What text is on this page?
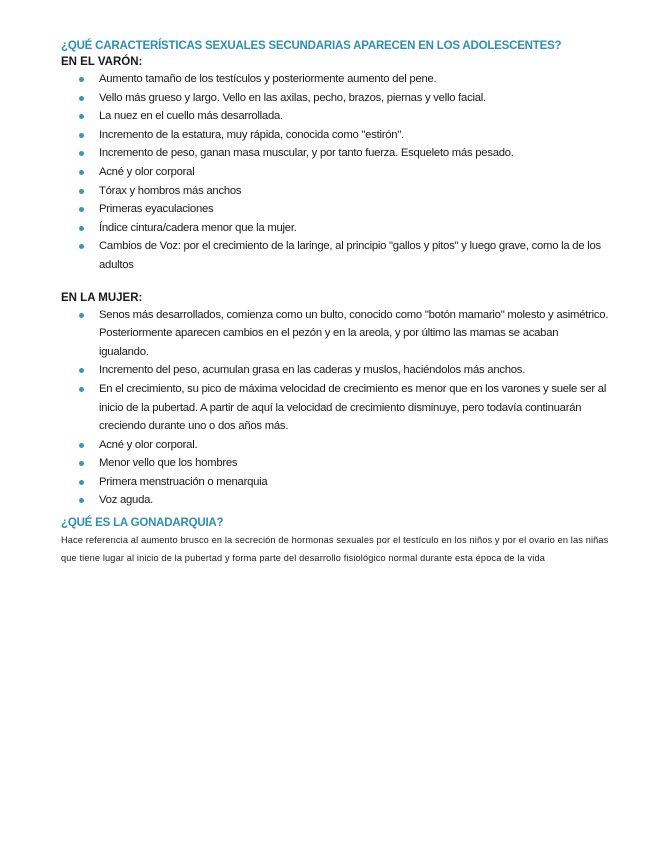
¿QUÉ CARACTERÍSTICAS SEXUALES SECUNDARIAS APARECEN EN LOS ADOLESCENTES?
EN EL VARÓN:
Aumento tamaño de los testículos y posteriormente aumento del pene.
Vello más grueso y largo. Vello en las axilas, pecho, brazos, piernas y vello facial.
La nuez en el cuello más desarrollada.
Incremento de la estatura, muy rápida, conocida como "estirón".
Incremento de peso, ganan masa muscular, y por tanto fuerza. Esqueleto más pesado.
Acné y olor corporal
Tórax y hombros más anchos
Primeras eyaculaciones
Índice cintura/cadera menor que la mujer.
Cambios de Voz: por el crecimiento de la laringe, al principio "gallos y pitos" y luego grave, como la de los adultos
EN LA MUJER:
Senos más desarrollados, comienza como un bulto, conocido como "botón mamario" molesto y asimétrico. Posteriormente aparecen cambios en el pezón y en la areola, y por último las mamas se acaban igualando.
Incremento del peso, acumulan grasa en las caderas y muslos, haciéndolos más anchos.
En el crecimiento, su pico de máxima velocidad de crecimiento es menor que en los varones y suele ser al inicio de la pubertad. A partir de aquí la velocidad de crecimiento disminuye, pero todavía continuarán creciendo durante uno o dos años más.
Acné y olor corporal.
Menor vello que los hombres
Primera menstruación o menarquia
Voz aguda.
¿QUÉ ES LA GONADARQUIA?

Hace referencia al aumento brusco en la secreción de hormonas sexuales por el testículo en los niños y por el ovario en las niñas que tiene lugar al inicio de la pubertad y forma parte del desarrollo fisiológico normal durante esta época de la vida
